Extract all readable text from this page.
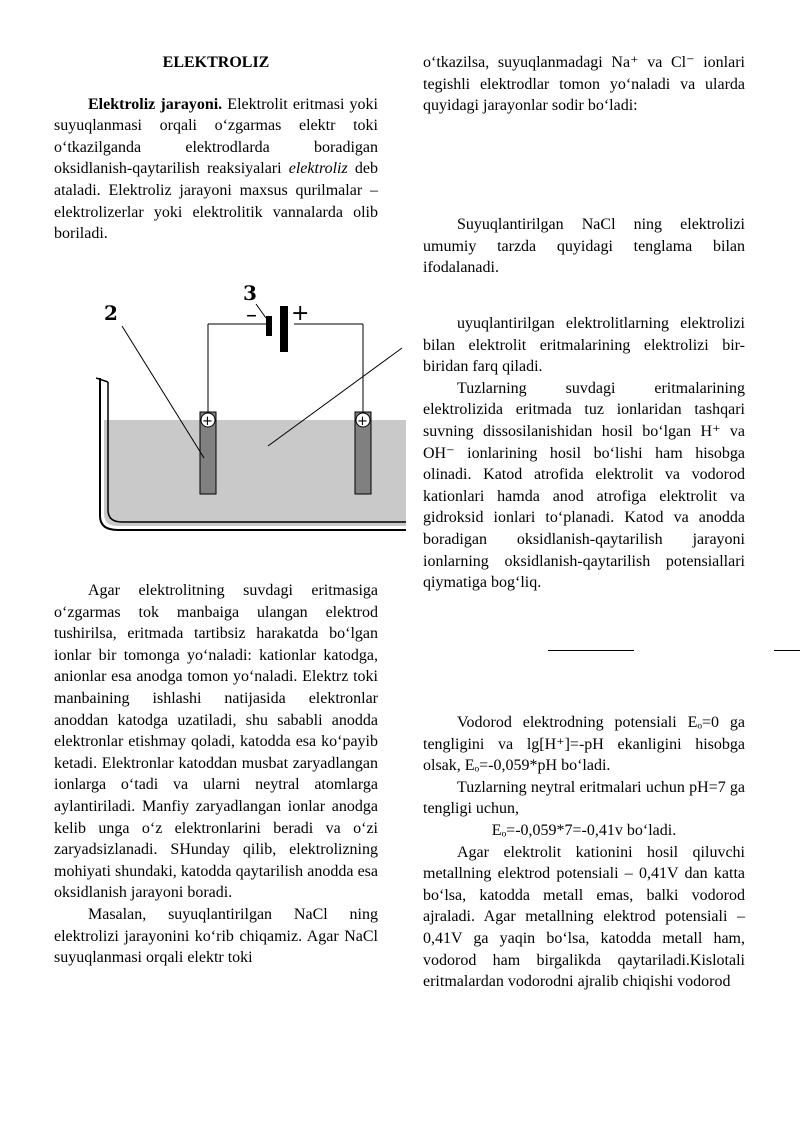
ELEKTROLIZ

Elektroliz jarayoni. Elektrolit eritmasi yoki suyuqlanmasi orqali oʻzgarmas elektr toki oʻtkazilganda elektrodlarda boradigan oksidlanish-qaytarilish reaksiyalari elektroliz deb ataladi. Elektroliz jarayoni maxsus qurilmalar – elektrolizerlar yoki elektrolitik vannalarda olib boriladi.

2
3
– +
+	+

Agar elektrolitning suvdagi eritmasiga oʻzgarmas tok manbaiga ulangan elektrod tushirilsa, eritmada tartibsiz harakatda boʻlgan ionlar bir tomonga yoʻnaladi: kationlar katodga, anionlar esa anodga tomon yoʻnaladi. Elektrz toki manbaining ishlashi natijasida elektronlar anoddan katodga uzatiladi, shu sababli anodda elektronlar etishmay qoladi, katodda esa koʻpayib ketadi. Elektronlar katoddan musbat zaryadlangan ionlarga oʻtadi va ularni neytral atomlarga aylantiriladi. Manfiy zaryadlangan ionlar anodga kelib unga oʻz elektronlarini beradi va oʻzi zaryadsizlanadi. SHunday qilib, elektrolizning mohiyati shundaki, katodda qaytarilish anodda esa oksidlanish jarayoni boradi.

Masalan, suyuqlantirilgan NaCl ning elektrolizi jarayonini koʻrib chiqamiz. Agar NaCl suyuqlanmasi orqali elektr toki

oʻtkazilsa, suyuqlanmadagi Na⁺ va Cl⁻ ionlari tegishli elektrodlar tomon yoʻnaladi va ularda quyidagi jarayonlar sodir boʻladi:

Suyuqlantirilgan NaCl ning elektrolizi umumiy tarzda quyidagi tenglama bilan ifodalanadi.

uyuqlantirilgan elektrolitlarning elektrolizi bilan elektrolit eritmalarining elektrolizi bir-biridan farq qiladi.

Tuzlarning suvdagi eritmalarining elektrolizida eritmada tuz ionlaridan tashqari suvning dissosilanishidan hosil boʻlgan H⁺ va OH⁻ ionlarining hosil boʻlishi ham hisobga olinadi. Katod atrofida elektrolit va vodorod kationlari hamda anod atrofiga elektrolit va gidroksid ionlari toʻplanadi. Katod va anodda boradigan oksidlanish-qaytarilish jarayoni ionlarning oksidlanish-qaytarilish potensiallari qiymatiga bogʻliq.

Vodorod elektrodning potensiali Eₒ=0 ga tengligini va lg[H⁺]=-pH ekanligini hisobga olsak, Eₒ=-0,059*pH boʻladi.

Tuzlarning neytral eritmalari uchun pH=7 ga tengligi uchun,

Eₒ=-0,059*7=-0,41v boʻladi.

Agar elektrolit kationini hosil qiluvchi metallning elektrod potensiali – 0,41V dan katta boʻlsa, katodda metall emas, balki vodorod ajraladi. Agar metallning elektrod potensiali – 0,41V ga yaqin boʻlsa, katodda metall ham, vodorod ham birgalikda qaytariladi.Kislotali eritmalardan vodorodni ajralib chiqishi vodorod
